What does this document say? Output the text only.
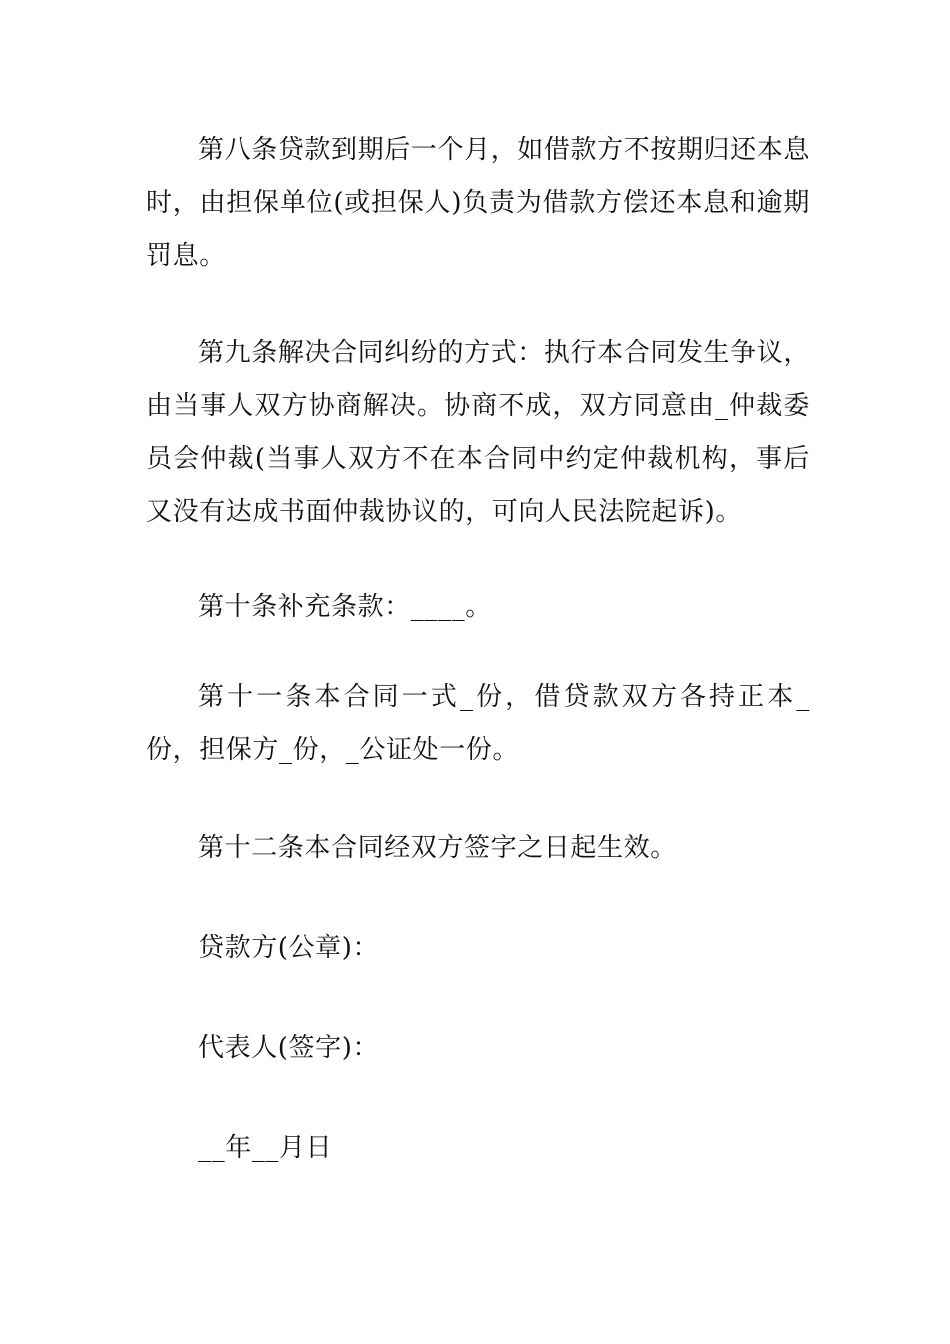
第八条贷款到期后一个月，如借款方不按期归还本息时，由担保单位(或担保人)负责为借款方偿还本息和逾期罚息。

第九条解决合同纠纷的方式：执行本合同发生争议，由当事人双方协商解决。协商不成，双方同意由_仲裁委员会仲裁(当事人双方不在本合同中约定仲裁机构，事后又没有达成书面仲裁协议的，可向人民法院起诉)。

第十条补充条款：____。

第十一条本合同一式_份，借贷款双方各持正本_份，担保方_份，_公证处一份。

第十二条本合同经双方签字之日起生效。

贷款方(公章)：

代表人(签字)：

__年__月日
